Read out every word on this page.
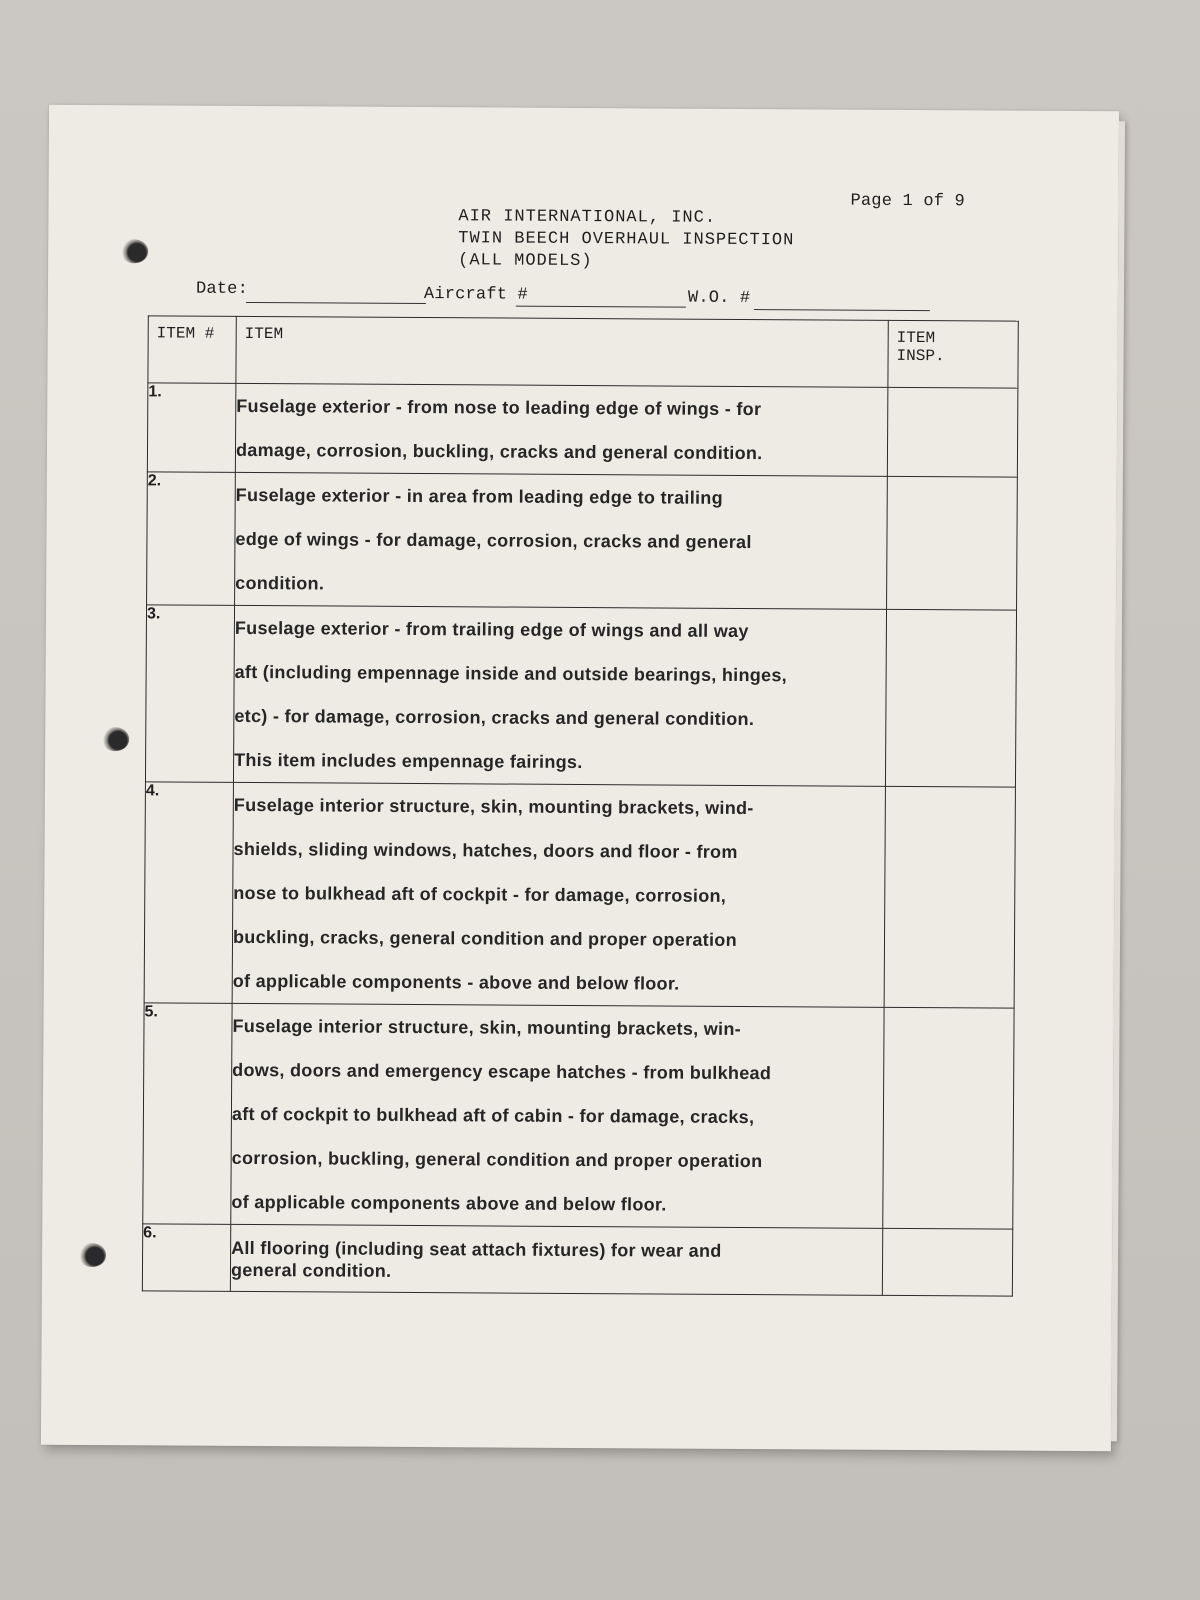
Page 1 of 9
AIR INTERNATIONAL, INC.
TWIN BEECH OVERHAUL INSPECTION
(ALL MODELS)
Date:	Aircraft #	W.O. #
ITEM #	ITEM	ITEM
INSP.

1.	Fuselage exterior - from nose to leading edge of wings - for
damage, corrosion, buckling, cracks and general condition.	

2.	Fuselage exterior - in area from leading edge to trailing
edge of wings - for damage, corrosion, cracks and general
condition.	

3.	Fuselage exterior - from trailing edge of wings and all way
aft (including empennage inside and outside bearings, hinges,
etc) - for damage, corrosion, cracks and general condition.
This item includes empennage fairings.	

4.	Fuselage interior structure, skin, mounting brackets, wind-
shields, sliding windows, hatches, doors and floor - from
nose to bulkhead aft of cockpit - for damage, corrosion,
buckling, cracks, general condition and proper operation
of applicable components - above and below floor.	

5.	Fuselage interior structure, skin, mounting brackets, win-
dows, doors and emergency escape hatches - from bulkhead
aft of cockpit to bulkhead aft of cabin - for damage, cracks,
corrosion, buckling, general condition and proper operation
of applicable components above and below floor.	

6.	All flooring (including seat attach fixtures) for wear and
general condition.	
